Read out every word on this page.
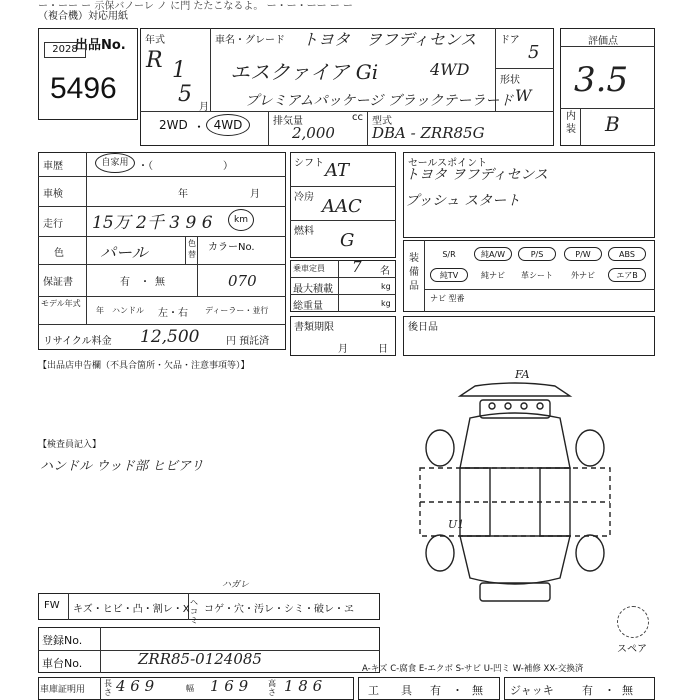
ー・ーー ー 示保バノーレ ノ に門 たたこなるよ。 ー・ー・ーー ー ー
（複合機）対応用紙
出品No.
2028
5496
年式
R 1
5
月
車名・グレード トヨタ　ヲフディセンス
エスクァイア Gi	4WD
プレミアムパッケージ ブラックテーラード
ドア
5
形状
W
2WD ・ 4WD	排気量	cc
2,000
型式
DBA - ZRR85G
評価点
3.5
内装 B
車歴	自家用 ・（　　　　　　　）
車検	年	月
走行 15万 2千 3 9 6	km
色 パール	色替
カラーNo.
070
保証書	有 ・ 無
モデル年式
年　ハンドル 左・右 ディーラー・並行
リサイクル料金 12,500	円 預託済
シフト AT
冷房 AAC
燃料 G
乗車定員 7 名
最大積載	kg
総重量	kg
書類期限
月	日
セールスポイント
トヨタ ヲフディセンス
プッシュ スタート
装備品
ナビ 型番
S/R	純A/W	P/S	P/W	ABS
純TV	純ナビ	革シート	外ナビ	エアB
後日品
【出品店申告欄（不具合箇所・欠品・注意事項等）】
【検査員記入】
ハンドル ウッド部 ヒビアリ
FA
U1
スペア
FW キズ・ヒビ・凸・割レ・X
ハガレ
ヘコミ
コゲ・穴・汚レ・シミ・破レ・ヱ
登録No.
車台No.	ZRR85-0124085
A-キズ C-腐食 E-エクボ S-サビ U-凹ミ W-補修 XX-交換済
車庫証明用
長さ 4 6 9	幅 1 6 9 高さ 1 8 6	工　　具 有 ・ 無 ジャッキ	有 ・ 無
